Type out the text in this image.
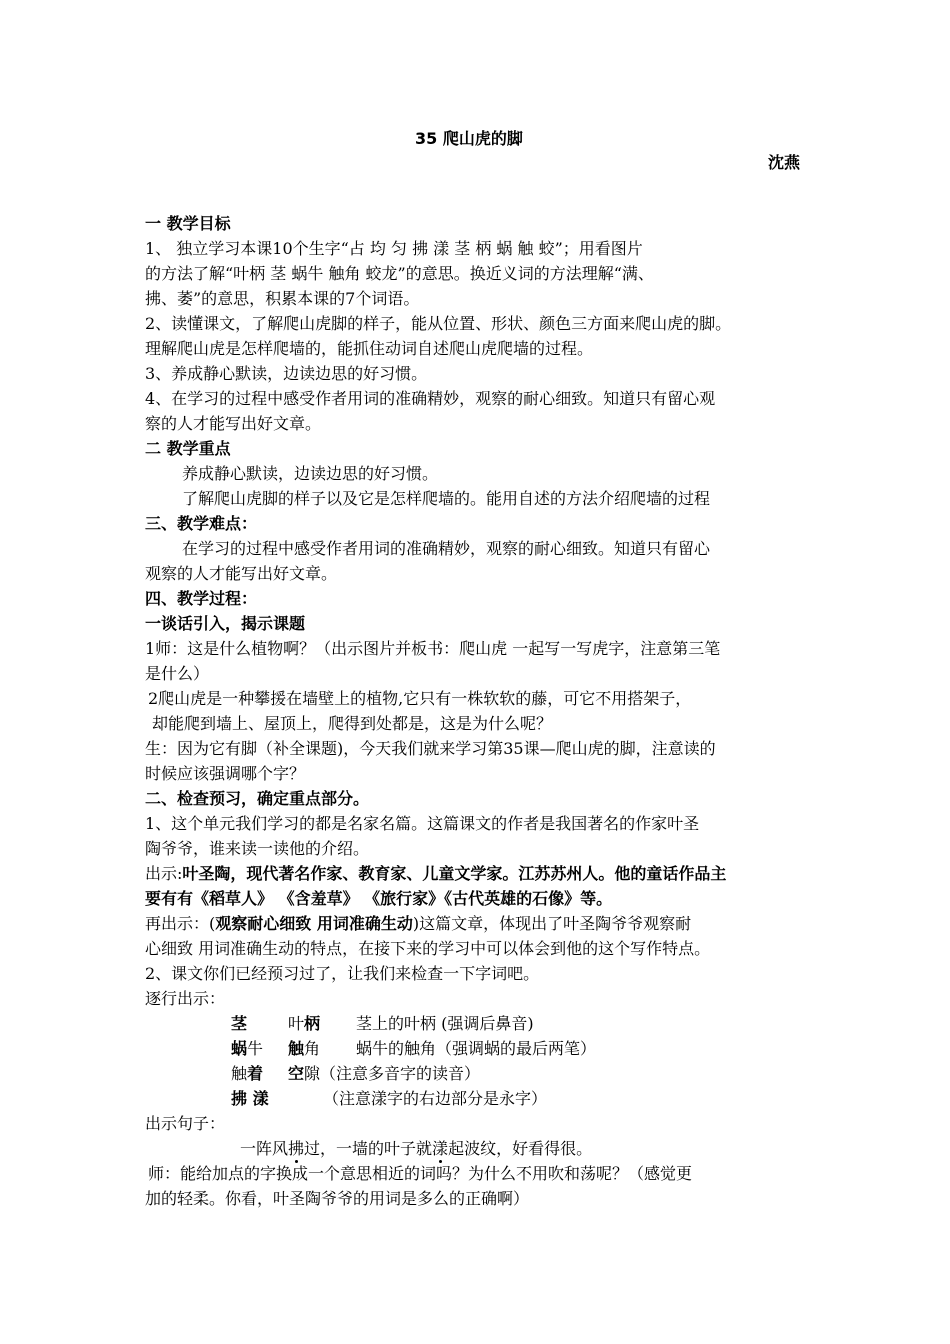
35 爬山虎的脚
沈燕
一 教学目标
1、 独立学习本课10个生字“占 均 匀 拂 漾 茎 柄 蜗 触 蛟”；用看图片
的方法了解“叶柄 茎 蜗牛 触角 蛟龙”的意思。换近义词的方法理解“满、
拂、萎”的意思，积累本课的7个词语。
2、读懂课文，了解爬山虎脚的样子，能从位置、形状、颜色三方面来爬山虎的脚。
理解爬山虎是怎样爬墙的，能抓住动词自述爬山虎爬墙的过程。
3、养成静心默读，边读边思的好习惯。
4、在学习的过程中感受作者用词的准确精妙，观察的耐心细致。知道只有留心观
察的人才能写出好文章。
二 教学重点
养成静心默读，边读边思的好习惯。
了解爬山虎脚的样子以及它是怎样爬墙的。能用自述的方法介绍爬墙的过程
三、教学难点：
在学习的过程中感受作者用词的准确精妙，观察的耐心细致。知道只有留心
观察的人才能写出好文章。
四、教学过程：
一谈话引入，揭示课题
1师：这是什么植物啊？（出示图片并板书：爬山虎 一起写一写虎字，注意第三笔
是什么）
2爬山虎是一种攀援在墙壁上的植物,它只有一株软软的藤，可它不用搭架子，
却能爬到墙上、屋顶上，爬得到处都是，这是为什么呢？
生：因为它有脚（补全课题)，今天我们就来学习第35课—爬山虎的脚，注意读的
时候应该强调哪个字？
二、检查预习，确定重点部分。
1、这个单元我们学习的都是名家名篇。这篇课文的作者是我国著名的作家叶圣
陶爷爷，谁来读一读他的介绍。
出示:叶圣陶，现代著名作家、教育家、儿童文学家。江苏苏州人。他的童话作品主
要有有《稻草人》 《含羞草》 《旅行家》《古代英雄的石像》等。
再出示：(观察耐心细致 用词准确生动)这篇文章，体现出了叶圣陶爷爷观察耐
心细致 用词准确生动的特点，在接下来的学习中可以体会到他的这个写作特点。
2、课文你们已经预习过了，让我们来检查一下字词吧。
逐行出示：
茎	叶柄 茎上的叶柄 (强调后鼻音)
蜗牛 触角 蜗牛的触角（强调蜗的最后两笔）
触着 空隙（注意多音字的读音）
拂 漾	（注意漾字的右边部分是永字）
出示句子：
一阵风拂过，一墙的叶子就漾起波纹，好看得很。
师：能给加点的字换成一个意思相近的词吗？为什么不用吹和荡呢？（感觉更
加的轻柔。你看，叶圣陶爷爷的用词是多么的正确啊）
